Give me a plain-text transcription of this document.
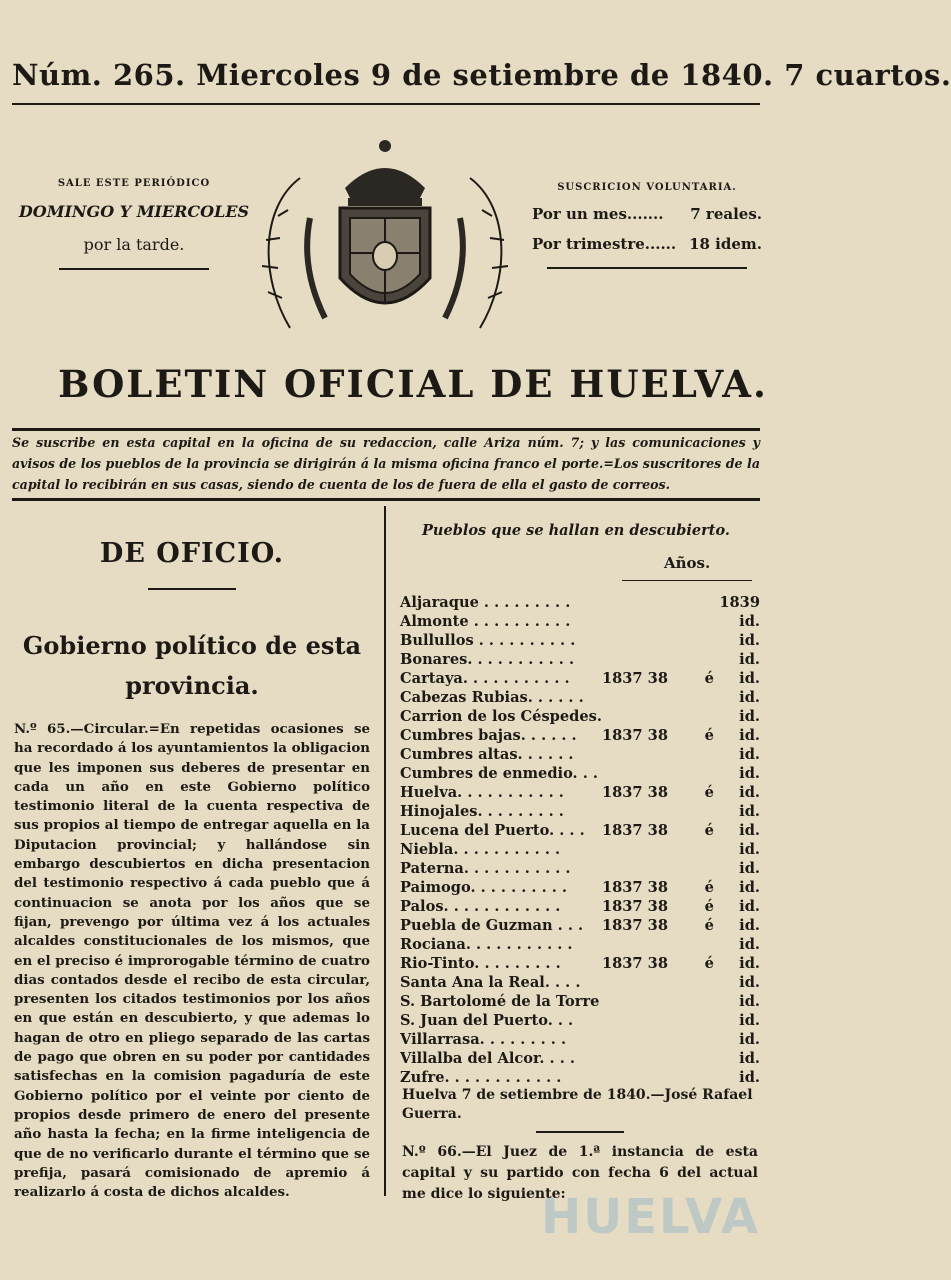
Núm. 265. Miercoles 9 de setiembre de 1840. 7 cuartos.
SALE ESTE PERIÓDICO
DOMINGO Y MIERCOLES
por la tarde.
SUSCRICION VOLUNTARIA.
Por un mes....... 7 reales.
Por trimestre...... 18 idem.
BOLETIN OFICIAL DE HUELVA.
Se suscribe en esta capital en la oficina de su redaccion, calle Ariza núm. 7; y las comunicaciones y avisos de los pueblos de la provincia se dirigirán á la misma oficina franco el porte.=Los suscritores de la capital lo recibirán en sus casas, siendo de cuenta de los de fuera de ella el gasto de correos.
DE OFICIO.
Gobierno político de esta provincia.
N.º 65.—Circular.=En repetidas ocasiones se ha recordado á los ayuntamientos la obligacion que les imponen sus deberes de presentar en cada un año en este Gobierno político testimonio literal de la cuenta respectiva de sus propios al tiempo de entregar aquella en la Diputacion provincial; y hallándose sin embargo descubiertos en dicha presentacion del testimonio respectivo á cada pueblo que á continuacion se anota por los años que se fijan, prevengo por última vez á los actuales alcaldes constitucionales de los mismos, que en el preciso é improrogable término de cuatro dias contados desde el recibo de esta circular, presenten los citados testimonios por los años en que están en descubierto, y que ademas lo hagan de otro en pliego separado de las cartas de pago que obren en su poder por cantidades satisfechas en la comision pagaduría de este Gobierno político por el veinte por ciento de propios desde primero de enero del presente año hasta la fecha; en la firme inteligencia de que de no verificarlo durante el término que se prefija, pasará comisionado de apremio á realizarlo á costa de dichos alcaldes.
Pueblos que se hallan en descubierto.
Años.
Aljaraque . . . . . . . . .			1839
Almonte . . . . . . . . . .			id.
Bullullos . . . . . . . . . .			id.
Bonares. . . . . . . . . . .			id.
Cartaya. . . . . . . . . . .	1837 38	é	id.
Cabezas Rubias. . . . . .			id.
Carrion de los Céspedes.			id.
Cumbres bajas. . . . . .	1837 38	é	id.
Cumbres altas. . . . . .			id.
Cumbres de enmedio. . .			id.
Huelva. . . . . . . . . . .	1837 38	é	id.
Hinojales. . . . . . . . .			id.
Lucena del Puerto. . . .	1837 38	é	id.
Niebla. . . . . . . . . . .			id.
Paterna. . . . . . . . . . .			id.
Paimogo. . . . . . . . . .	1837 38	é	id.
Palos. . . . . . . . . . . .	1837 38	é	id.
Puebla de Guzman . . .	1837 38	é	id.
Rociana. . . . . . . . . . .			id.
Rio-Tinto. . . . . . . . .	1837 38	é	id.
Santa Ana la Real. . . .			id.
S. Bartolomé de la Torre			id.
S. Juan del Puerto. . .			id.
Villarrasa. . . . . . . . .			id.
Villalba del Alcor. . . .			id.
Zufre. . . . . . . . . . . .			id.
Huelva 7 de setiembre de 1840.—José Rafael Guerra.
N.º 66.—El Juez de 1.ª instancia de esta capital y su partido con fecha 6 del actual me dice lo siguiente:
HUELVA
